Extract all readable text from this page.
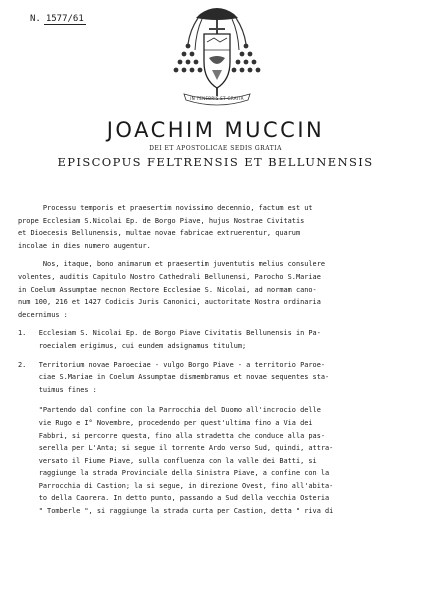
N. 1577/61
IN TENEBRIS ET GRATIA
JOACHIM MUCCIN
DEI ET APOSTOLICAE SEDIS GRATIA
EPISCOPUS FELTRENSIS ET BELLUNENSIS
Processu temporis et praesertim novissimo decennio, factum est ut
prope Ecclesiam S.Nicolai Ep. de Borgo Piave, hujus Nostrae Civitatis
et Dioecesis Bellunensis, multae novae fabricae extruerentur, quarum
incolae in dies numero augentur.
Nos, itaque, bono animarum et praesertim juventutis melius consulere
volentes, auditis Capitulo Nostro Cathedrali Bellunensi, Parocho S.Mariae
in Coelum Assumptae necnon Rectore Ecclesiae S. Nicolai, ad normam cano-
num 100, 216 et 1427 Codicis Juris Canonici, auctoritate Nostra ordinaria
decernimus :
1.   Ecclesiam S. Nicolai Ep. de Borgo Piave Civitatis Bellunensis in Pa-
roecialem erigimus, cui eundem adsignamus titulum;
2.   Territorium novae Paroeciae - vulgo Borgo Piave - a territorio Paroe-
ciae S.Mariae in Coelum Assumptae dismembramus et novae sequentes sta-
tuimus fines :
"Partendo dal confine con la Parrocchia del Duomo all'incrocio delle
vie Rugo e I° Novembre, procedendo per quest'ultima fino a Via dei
Fabbri, si percorre questa, fino alla stradetta che conduce alla pas-
serella per L'Anta; si segue il torrente Ardo verso Sud, quindi, attra-
versato il Fiume Piave, sulla confluenza con la valle dei Batti, si
raggiunge la strada Provinciale della Sinistra Piave, a confine con la
Parrocchia di Castion; la si segue, in direzione Ovest, fino all'abita-
to della Caorera. In detto punto, passando a Sud della vecchia Osteria
" Tomberle ", si raggiunge la strada curta per Castion, detta " riva di
